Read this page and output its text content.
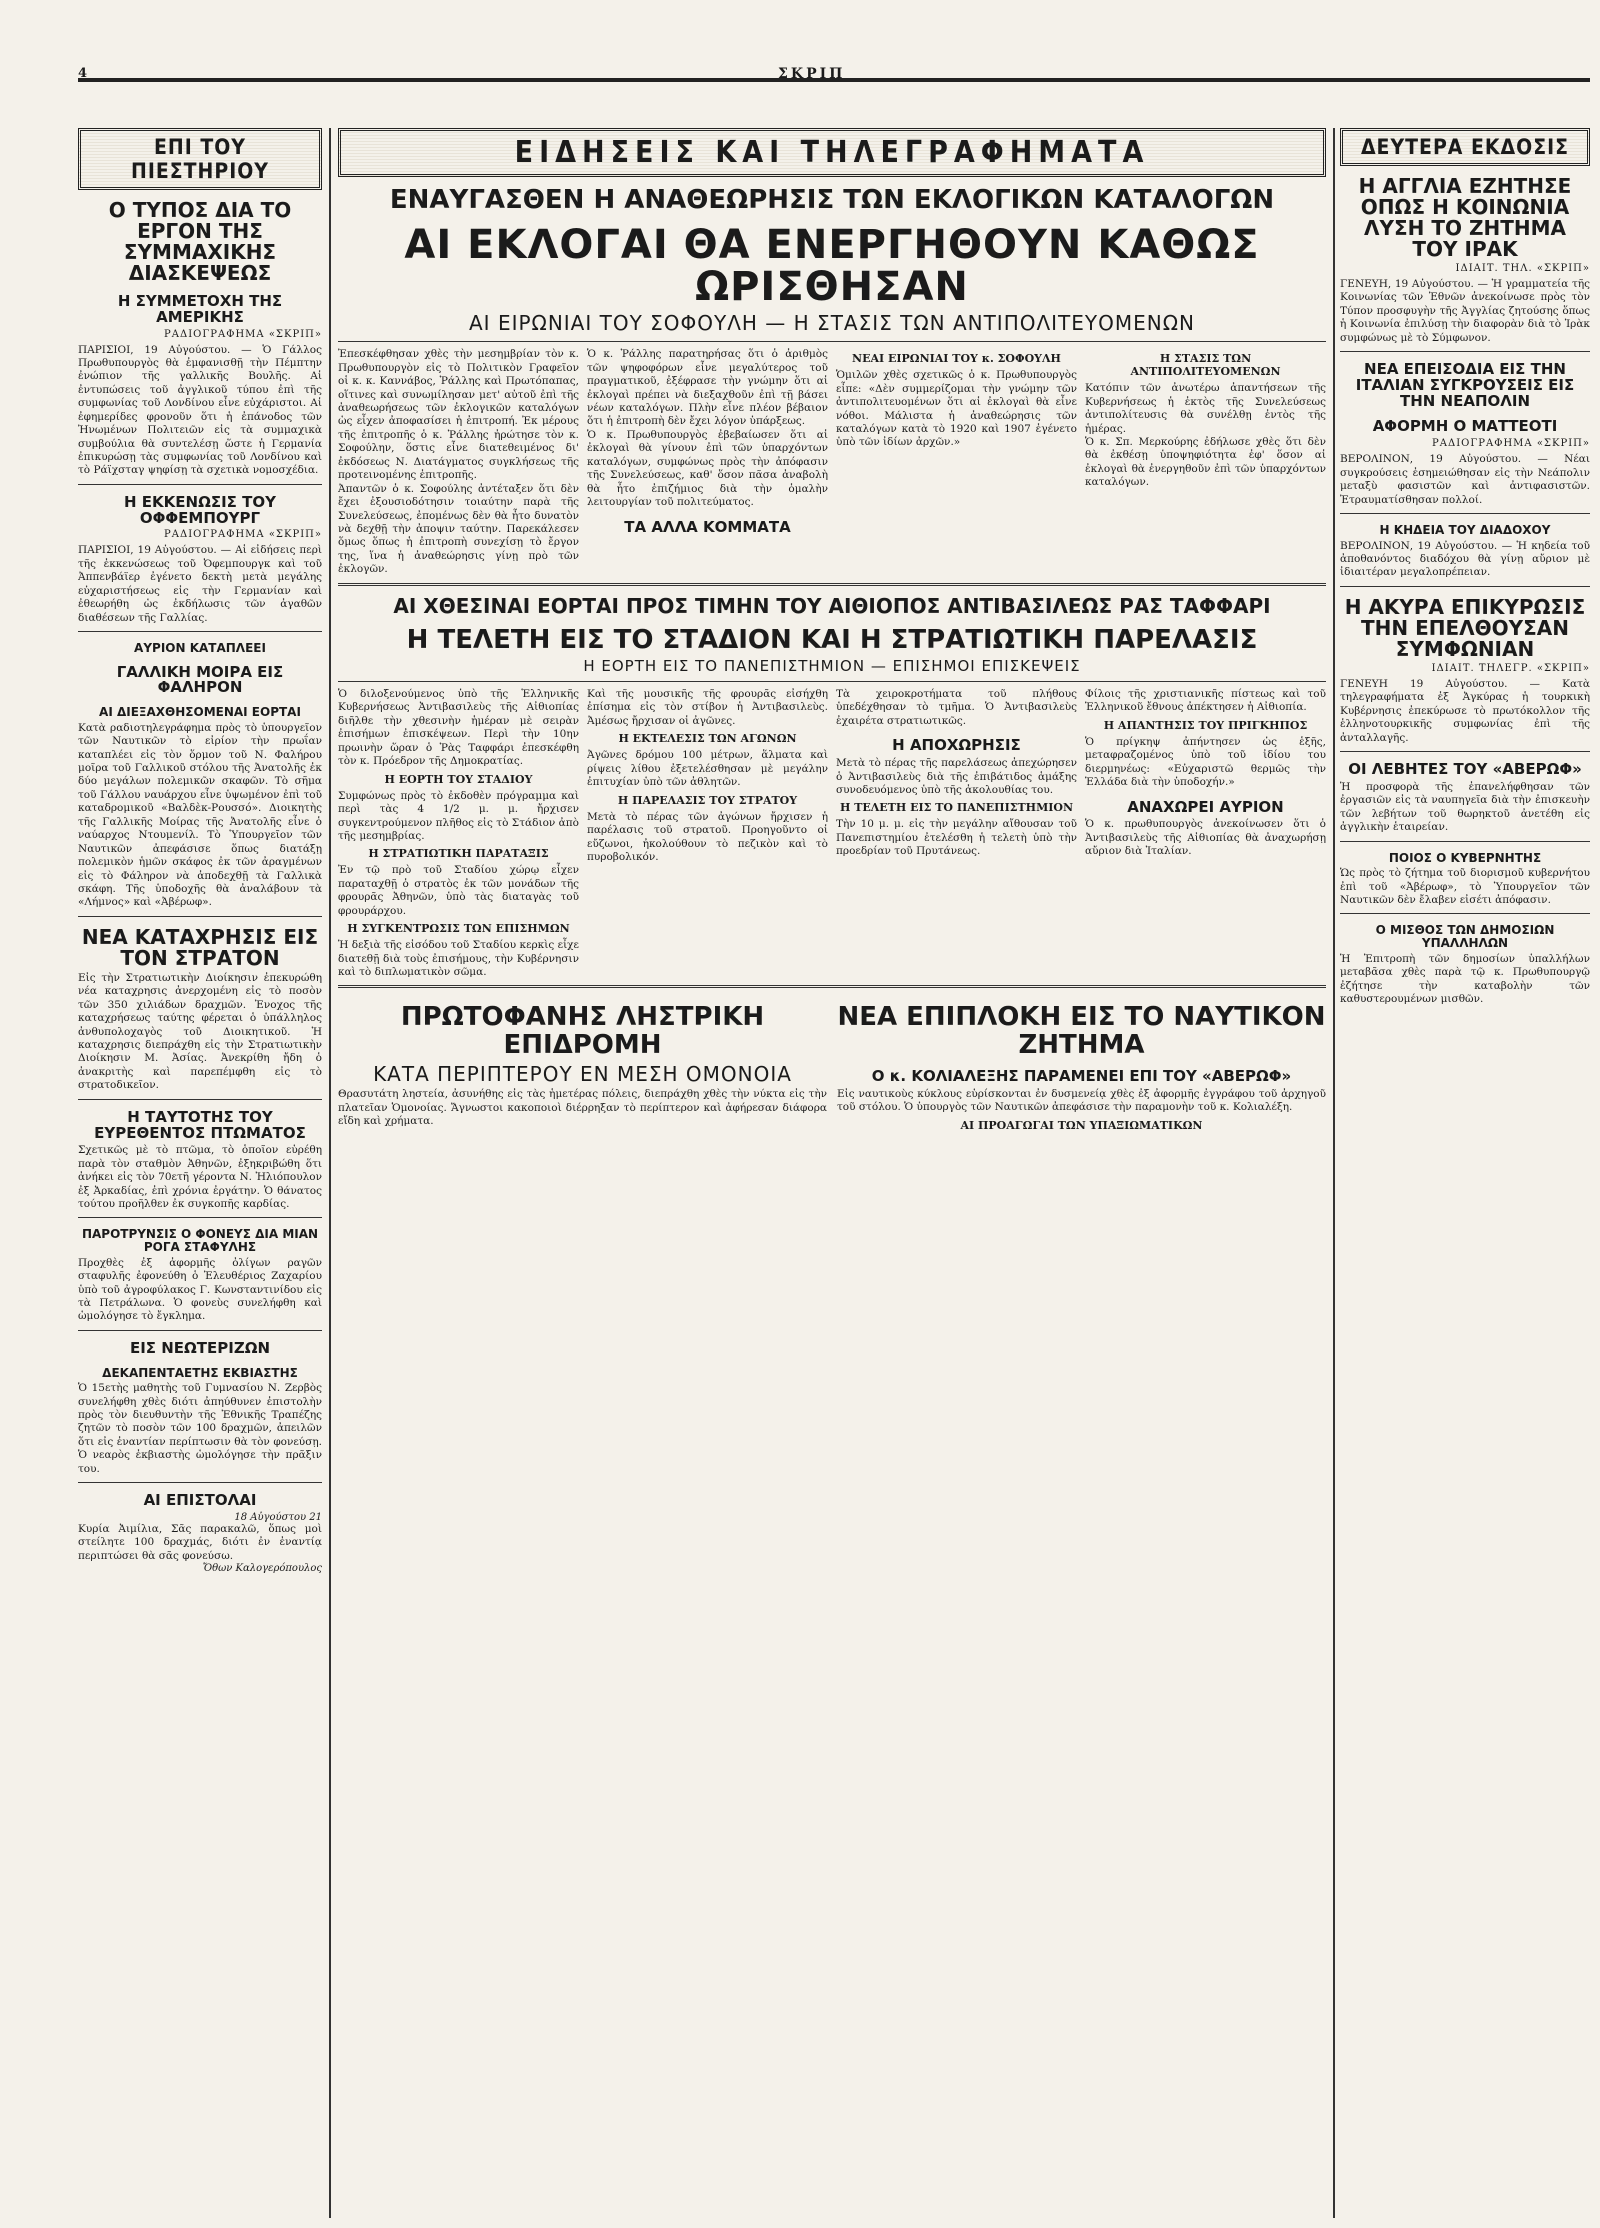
4	ΣΚΡΙΠ
ΕΠΙ ΤΟΥ ΠΙΕΣΤΗΡΙΟΥ
Ο ΤΥΠΟΣ ΔΙΑ ΤΟ ΕΡΓΟΝ ΤΗΣ ΣΥΜΜΑΧΙΚΗΣ ΔΙΑΣΚΕΨΕΩΣ
Η ΣΥΜΜΕΤΟΧΗ ΤΗΣ ΑΜΕΡΙΚΗΣ
ΡΑΔΙΟΓΡΑΦΗΜΑ «ΣΚΡΙΠ»

ΠΑΡΙΣΙΟΙ, 19 Αὐγούστου. — Ὁ Γάλλος Πρωθυπουργὸς θὰ ἐμφανισθῇ τὴν Πέμπτην ἐνώπιον τῆς γαλλικῆς Βουλῆς. Αἱ ἐντυπώσεις τοῦ ἀγγλικοῦ τύπου ἐπὶ τῆς συμφωνίας τοῦ Λονδίνου εἶνε εὐχάριστοι. Αἱ ἐφημερίδες φρονοῦν ὅτι ἡ ἐπάνοδος τῶν Ἠνωμένων Πολιτειῶν εἰς τὰ συμμαχικὰ συμβούλια θὰ συντελέσῃ ὥστε ἡ Γερμανία ἐπικυρώσῃ τὰς συμφωνίας τοῦ Λονδίνου καὶ τὸ Ράϊχσταγ ψηφίσῃ τὰ σχετικὰ νομοσχέδια.

Η ΕΚΚΕΝΩΣΙΣ ΤΟΥ ΟΦΦΕΜΠΟΥΡΓ
ΡΑΔΙΟΓΡΑΦΗΜΑ «ΣΚΡΙΠ»

ΠΑΡΙΣΙΟΙ, 19 Αὐγούστου. — Αἱ εἰδήσεις περὶ τῆς ἐκκενώσεως τοῦ Ὀφεμπουργκ καὶ τοῦ Ἀππενβάϊερ ἐγένετο δεκτὴ μετὰ μεγάλης εὐχαριστήσεως εἰς τὴν Γερμανίαν καὶ ἐθεωρήθη ὡς ἐκδήλωσις τῶν ἀγαθῶν διαθέσεων τῆς Γαλλίας.

ΑΥΡΙΟΝ ΚΑΤΑΠΛΕΕΙ
ΓΑΛΛΙΚΗ ΜΟΙΡΑ ΕΙΣ ΦΑΛΗΡΟΝ
ΑΙ ΔΙΕΞΑΧΘΗΣΟΜΕΝΑΙ ΕΟΡΤΑΙ

Κατὰ ραδιοτηλεγράφημα πρὸς τὸ ὑπουργεῖον τῶν Ναυτικῶν τὸ εἰρίον τὴν πρωΐαν καταπλέει εἰς τὸν ὅρμον τοῦ Ν. Φαλήρου μοῖρα τοῦ Γαλλικοῦ στόλου τῆς Ἀνατολῆς ἐκ δύο μεγάλων πολεμικῶν σκαφῶν. Τὸ σῆμα τοῦ Γάλλου ναυάρχου εἶνε ὑψωμένον ἐπὶ τοῦ καταδρομικοῦ «Βαλδὲκ-Ρουσσό». Διοικητὴς τῆς Γαλλικῆς Μοίρας τῆς Ἀνατολῆς εἶνε ὁ ναύαρχος Ντουμενίλ. Τὸ Ὑπουργεῖον τῶν Ναυτικῶν ἀπεφάσισε ὅπως διατάξῃ πολεμικὸν ἡμῶν σκάφος ἐκ τῶν ἀραγμένων εἰς τὸ Φάληρον νὰ ἀποδεχθῇ τὰ Γαλλικὰ σκάφη. Τῆς ὑποδοχῆς θὰ ἀναλάβουν τὰ «Λήμνος» καὶ «Ἀβέρωφ».

ΝΕΑ ΚΑΤΑΧΡΗΣΙΣ ΕΙΣ ΤΟΝ ΣΤΡΑΤΟΝ

Εἰς τὴν Στρατιωτικὴν Διοίκησιν ἐπεκυρώθη νέα καταχρησις ἀνερχομένη εἰς τὸ ποσὸν τῶν 350 χιλιάδων δραχμῶν. Ἐνοχος τῆς καταχρήσεως ταύτης φέρεται ὁ ὑπάλληλος ἀνθυπολοχαγὸς τοῦ Διοικητικοῦ. Ἡ καταχρησις διεπράχθη εἰς τὴν Στρατιωτικὴν Διοίκησιν Μ. Ἀσίας. Ἀνεκρίθη ἤδη ὁ ἀνακριτὴς καὶ παρεπέμφθη εἰς τὸ στρατοδικεῖον.

Η ΤΑΥΤΟΤΗΣ ΤΟΥ ΕΥΡΕΘΕΝΤΟΣ ΠΤΩΜΑΤΟΣ

Σχετικῶς μὲ τὸ πτῶμα, τὸ ὁποῖον εὑρέθη παρὰ τὸν σταθμὸν Ἀθηνῶν, ἐξηκριβώθη ὅτι ἀνήκει εἰς τὸν 70ετῆ γέροντα Ν. Ἠλιόπουλον ἐξ Ἀρκαδίας, ἐπὶ χρόνια ἐργάτην. Ὁ θάνατος τούτου προῆλθεν ἐκ συγκοπῆς καρδίας.

ΠΑΡΟΤΡΥΝΣΙΣ Ο ΦΟΝΕΥΣ ΔΙΑ ΜΙΑΝ ΡΟΓΑ ΣΤΑΦΥΛΗΣ

Προχθὲς ἐξ ἀφορμῆς ὀλίγων ραγῶν σταφυλῆς ἐφονεύθη ὁ Ἐλευθέριος Ζαχαρίου ὑπὸ τοῦ ἀγροφύλακος Γ. Κωνσταντινίδου εἰς τὰ Πετράλωνα. Ὁ φονεὺς συνελήφθη καὶ ὡμολόγησε τὸ ἔγκλημα.

ΕΙΣ ΝΕΩΤΕΡΙΖΩΝ
ΔΕΚΑΠΕΝΤΑΕΤΗΣ ΕΚΒΙΑΣΤΗΣ

Ὁ 15ετὴς μαθητὴς τοῦ Γυμνασίου Ν. Ζερβὸς συνελήφθη χθὲς διότι ἀπηύθυνεν ἐπιστολὴν πρὸς τὸν διευθυντὴν τῆς Ἐθνικῆς Τραπέζης ζητῶν τὸ ποσὸν τῶν 100 δραχμῶν, ἀπειλῶν ὅτι εἰς ἐναντίαν περίπτωσιν θὰ τὸν φονεύσῃ. Ὁ νεαρὸς ἐκβιαστὴς ὡμολόγησε τὴν πρᾶξιν του.

ΑΙ ΕΠΙΣΤΟΛΑΙ
18 Αὐγούστου 21

Κυρία Ἀιμίλια, Σᾶς παρακαλῶ, ὅπως μοὶ στείλητε 100 δραχμάς, διότι ἐν ἐναντίᾳ περιπτώσει θὰ σᾶς φονεύσω.

Ὄθων Καλογερόπουλος
ΕΙΔΗΣΕΙΣ ΚΑΙ ΤΗΛΕΓΡΑΦΗΜΑΤΑ
ΕΝΑΥΓΑΣΘΕΝ Η ΑΝΑΘΕΩΡΗΣΙΣ ΤΩΝ ΕΚΛΟΓΙΚΩΝ ΚΑΤΑΛΟΓΩΝ
ΑΙ ΕΚΛΟΓΑΙ ΘΑ ΕΝΕΡΓΗΘΟΥΝ ΚΑΘΩΣ ΩΡΙΣΘΗΣΑΝ
ΑΙ ΕΙΡΩΝΙΑΙ ΤΟΥ ΣΟΦΟΥΛΗ — Η ΣΤΑΣΙΣ ΤΩΝ ΑΝΤΙΠΟΛΙΤΕΥΟΜΕΝΩΝ

Ἐπεσκέφθησαν χθὲς τὴν μεσημβρίαν τὸν κ. Πρωθυπουργὸν εἰς τὸ Πολιτικὸν Γραφεῖον οἱ κ. κ. Καννάβος, Ῥάλλης καὶ Πρωτόπαπας, οἵτινες καὶ συνωμίλησαν μετ' αὐτοῦ ἐπὶ τῆς ἀναθεωρήσεως τῶν ἐκλογικῶν καταλόγων ὡς εἶχεν ἀποφασίσει ἡ ἐπιτροπή. Ἐκ μέρους τῆς ἐπιτροπῆς ὁ κ. Ῥάλλης ἠρώτησε τὸν κ. Σοφούλην, ὅστις εἶνε διατεθειμένος δι' ἐκδόσεως Ν. Διατάγματος συγκλήσεως τῆς προτεινομένης ἐπιτροπῆς.

Ἀπαντῶν ὁ κ. Σοφούλης ἀντέταξεν ὅτι δὲν ἔχει ἐξουσιοδότησιν τοιαύτην παρὰ τῆς Συνελεύσεως, ἐπομένως δὲν θὰ ἦτο δυνατὸν νὰ δεχθῇ τὴν ἀποψιν ταύτην. Παρεκάλεσεν ὅμως ὅπως ἡ ἐπιτροπὴ συνεχίσῃ τὸ ἔργον της, ἵνα ἡ ἀναθεώρησις γίνῃ πρὸ τῶν ἐκλογῶν.

Ὁ κ. Ῥάλλης παρατηρήσας ὅτι ὁ ἀριθμὸς τῶν ψηφοφόρων εἶνε μεγαλύτερος τοῦ πραγματικοῦ, ἐξέφρασε τὴν γνώμην ὅτι αἱ ἐκλογαὶ πρέπει νὰ διεξαχθοῦν ἐπὶ τῇ βάσει νέων καταλόγων. Πλὴν εἶνε πλέον βέβαιον ὅτι ἡ ἐπιτροπὴ δὲν ἔχει λόγον ὑπάρξεως.

Ὁ κ. Πρωθυπουργὸς ἐβεβαίωσεν ὅτι αἱ ἐκλογαὶ θὰ γίνουν ἐπὶ τῶν ὑπαρχόντων καταλόγων, συμφώνως πρὸς τὴν ἀπόφασιν τῆς Συνελεύσεως, καθ' ὅσον πᾶσα ἀναβολὴ θὰ ἦτο ἐπιζήμιος διὰ τὴν ὁμαλὴν λειτουργίαν τοῦ πολιτεύματος.

ΤΑ ΑΛΛΑ ΚΟΜΜΑΤΑ
ΝΕΑΙ ΕΙΡΩΝΙΑΙ ΤΟΥ κ. ΣΟΦΟΥΛΗ

Ὁμιλῶν χθὲς σχετικῶς ὁ κ. Πρωθυπουργὸς εἶπε: «Δὲν συμμερίζομαι τὴν γνώμην τῶν ἀντιπολιτευομένων ὅτι αἱ ἐκλογαὶ θὰ εἶνε νόθοι. Μάλιστα ἡ ἀναθεώρησις τῶν καταλόγων κατὰ τὸ 1920 καὶ 1907 ἐγένετο ὑπὸ τῶν ἰδίων ἀρχῶν.»

Η ΣΤΑΣΙΣ ΤΩΝ ΑΝΤΙΠΟΛΙΤΕΥΟΜΕΝΩΝ

Κατόπιν τῶν ἀνωτέρω ἀπαντήσεων τῆς Κυβερνήσεως ἡ ἐκτὸς τῆς Συνελεύσεως ἀντιπολίτευσις θὰ συνέλθῃ ἐντὸς τῆς ἡμέρας.

Ὁ κ. Σπ. Μερκούρης ἐδήλωσε χθὲς ὅτι δὲν θὰ ἐκθέσῃ ὑποψηφιότητα ἐφ' ὅσον αἱ ἐκλογαὶ θὰ ἐνεργηθοῦν ἐπὶ τῶν ὑπαρχόντων καταλόγων.

ΑΙ ΧΘΕΣΙΝΑΙ ΕΟΡΤΑΙ ΠΡΟΣ ΤΙΜΗΝ ΤΟΥ ΑΙΘΙΟΠΟΣ ΑΝΤΙΒΑΣΙΛΕΩΣ ΡΑΣ ΤΑΦΦΑΡΙ
Η ΤΕΛΕΤΗ ΕΙΣ ΤΟ ΣΤΑΔΙΟΝ ΚΑΙ Η ΣΤΡΑΤΙΩΤΙΚΗ ΠΑΡΕΛΑΣΙΣ
Η ΕΟΡΤΗ ΕΙΣ ΤΟ ΠΑΝΕΠΙΣΤΗΜΙΟΝ — ΕΠΙΣΗΜΟΙ ΕΠΙΣΚΕΨΕΙΣ

Ὁ διλοξενούμενος ὑπὸ τῆς Ἑλληνικῆς Κυβερνήσεως Ἀντιβασιλεὺς τῆς Αἰθιοπίας διῆλθε τὴν χθεσινὴν ἡμέραν μὲ σειρὰν ἐπισήμων ἐπισκέψεων. Περὶ τὴν 10ην πρωινὴν ὥραν ὁ Ῥὰς Ταφφάρι ἐπεσκέφθη τὸν κ. Πρόεδρον τῆς Δημοκρατίας.

Η ΕΟΡΤΗ ΤΟΥ ΣΤΑΔΙΟΥ

Συμφώνως πρὸς τὸ ἐκδοθὲν πρόγραμμα καὶ περὶ τὰς 4 1/2 μ. μ. ἤρχισεν συγκεντρούμενον πλῆθος εἰς τὸ Στάδιον ἀπὸ τῆς μεσημβρίας.

Η ΣΤΡΑΤΙΩΤΙΚΗ ΠΑΡΑΤΑΞΙΣ

Ἐν τῷ πρὸ τοῦ Σταδίου χώρῳ εἶχεν παραταχθῇ ὁ στρατὸς ἐκ τῶν μονάδων τῆς φρουρᾶς Ἀθηνῶν, ὑπὸ τὰς διαταγὰς τοῦ φρουράρχου.

Η ΣΥΓΚΕΝΤΡΩΣΙΣ ΤΩΝ ΕΠΙΣΗΜΩΝ

Ἡ δεξιὰ τῆς εἰσόδου τοῦ Σταδίου κερκὶς εἶχε διατεθῇ διὰ τοὺς ἐπισήμους, τὴν Κυβέρνησιν καὶ τὸ διπλωματικὸν σῶμα.

Καὶ τῆς μουσικῆς τῆς φρουρᾶς εἰσήχθη ἐπίσημα εἰς τὸν στίβον ἡ Ἀντιβασιλεὺς. Ἀμέσως ἤρχισαν οἱ ἀγῶνες.

Η ΕΚΤΕΛΕΣΙΣ ΤΩΝ ΑΓΩΝΩΝ

Ἀγῶνες δρόμου 100 μέτρων, ἅλματα καὶ ρίψεις λίθου ἐξετελέσθησαν μὲ μεγάλην ἐπιτυχίαν ὑπὸ τῶν ἀθλητῶν.

Η ΠΑΡΕΛΑΣΙΣ ΤΟΥ ΣΤΡΑΤΟΥ

Μετὰ τὸ πέρας τῶν ἀγώνων ἤρχισεν ἡ παρέλασις τοῦ στρατοῦ. Προηγοῦντο οἱ εὔζωνοι, ἠκολούθουν τὸ πεζικὸν καὶ τὸ πυροβολικόν.

Τὰ χειροκροτήματα τοῦ πλήθους ὑπεδέχθησαν τὸ τμῆμα. Ὁ Ἀντιβασιλεὺς ἐχαιρέτα στρατιωτικῶς.

Η ΑΠΟΧΩΡΗΣΙΣ

Μετὰ τὸ πέρας τῆς παρελάσεως ἀπεχώρησεν ὁ Ἀντιβασιλεὺς διὰ τῆς ἐπιβάτιδος ἁμάξης συνοδευόμενος ὑπὸ τῆς ἀκολουθίας του.

Η ΤΕΛΕΤΗ ΕΙΣ ΤΟ ΠΑΝΕΠΙΣΤΗΜΙΟΝ

Τὴν 10 μ. μ. εἰς τὴν μεγάλην αἴθουσαν τοῦ Πανεπιστημίου ἐτελέσθη ἡ τελετὴ ὑπὸ τὴν προεδρίαν τοῦ Πρυτάνεως.

Φίλοις τῆς χριστιανικῆς πίστεως καὶ τοῦ Ἑλληνικοῦ ἔθνους ἀπέκτησεν ἡ Αἰθιοπία.

Η ΑΠΑΝΤΗΣΙΣ ΤΟΥ ΠΡΙΓΚΗΠΟΣ

Ὁ πρίγκηψ ἀπήντησεν ὡς ἑξῆς, μεταφραζομένος ὑπὸ τοῦ ἰδίου του διερμηνέως: «Εὐχαριστῶ θερμῶς τὴν Ἑλλάδα διὰ τὴν ὑποδοχήν.»

ΑΝΑΧΩΡΕΙ ΑΥΡΙΟΝ

Ὁ κ. πρωθυπουργὸς ἀνεκοίνωσεν ὅτι ὁ Ἀντιβασιλεὺς τῆς Αἰθιοπίας θὰ ἀναχωρήσῃ αὔριον διὰ Ἰταλίαν.

ΠΡΩΤΟΦΑΝΗΣ ΛΗΣΤΡΙΚΗ ΕΠΙΔΡΟΜΗ
ΚΑΤΑ ΠΕΡΙΠΤΕΡΟΥ ΕΝ ΜΕΣΗ ΟΜΟΝΟΙΑ

Θρασυτάτη ληστεία, ἀσυνήθης εἰς τὰς ἡμετέρας πόλεις, διεπράχθη χθὲς τὴν νύκτα εἰς τὴν πλατεῖαν Ὁμονοίας. Ἄγνωστοι κακοποιοὶ διέρρηξαν τὸ περίπτερον καὶ ἀφήρεσαν διάφορα εἴδη καὶ χρήματα.

ΝΕΑ ΕΠΙΠΛΟΚΗ ΕΙΣ ΤΟ ΝΑΥΤΙΚΟΝ ΖΗΤΗΜΑ
Ο κ. ΚΟΛΙΑΛΕΞΗΣ ΠΑΡΑΜΕΝΕΙ ΕΠΙ ΤΟΥ «ΑΒΕΡΩΦ»

Εἰς ναυτικοὺς κύκλους εὑρίσκονται ἐν δυσμενείᾳ χθὲς ἐξ ἀφορμῆς ἐγγράφου τοῦ ἀρχηγοῦ τοῦ στόλου. Ὁ ὑπουργὸς τῶν Ναυτικῶν ἀπεφάσισε τὴν παραμονὴν τοῦ κ. Κολιαλέξη.

ΑΙ ΠΡΟΑΓΩΓΑΙ ΤΩΝ ΥΠΑΞΙΩΜΑΤΙΚΩΝ
ΔΕΥΤΕΡΑ ΕΚΔΟΣΙΣ
Η ΑΓΓΛΙΑ ΕΖΗΤΗΣΕ ΟΠΩΣ Η ΚΟΙΝΩΝΙΑ ΛΥΣΗ ΤΟ ΖΗΤΗΜΑ ΤΟΥ ΙΡΑΚ
ΙΔΙΑΙΤ. ΤΗΛ. «ΣΚΡΙΠ»

ΓΕΝΕΥΗ, 19 Αὐγούστου. — Ἡ γραμματεία τῆς Κοινωνίας τῶν Ἐθνῶν ἀνεκοίνωσε πρὸς τὸν Τύπον προσφυγὴν τῆς Ἀγγλίας ζητούσης ὅπως ἡ Κοινωνία ἐπιλύσῃ τὴν διαφορὰν διὰ τὸ Ἰρὰκ συμφώνως μὲ τὸ Σύμφωνον.

ΝΕΑ ΕΠΕΙΣΟΔΙΑ ΕΙΣ ΤΗΝ ΙΤΑΛΙΑΝ ΣΥΓΚΡΟΥΣΕΙΣ ΕΙΣ ΤΗΝ ΝΕΑΠΟΛΙΝ
ΑΦΟΡΜΗ Ο ΜΑΤΤΕΟΤΙ
ΡΑΔΙΟΓΡΑΦΗΜΑ «ΣΚΡΙΠ»

ΒΕΡΟΛΙΝΟΝ, 19 Αὐγούστου. — Νέαι συγκρούσεις ἐσημειώθησαν εἰς τὴν Νεάπολιν μεταξὺ φασιστῶν καὶ ἀντιφασιστῶν. Ἐτραυματίσθησαν πολλοί.

Η ΚΗΔΕΙΑ ΤΟΥ ΔΙΑΔΟΧΟΥ

ΒΕΡΟΛΙΝΟΝ, 19 Αὐγούστου. — Ἡ κηδεία τοῦ ἀποθανόντος διαδόχου θὰ γίνῃ αὔριον μὲ ἰδιαιτέραν μεγαλοπρέπειαν.

Η ΑΚΥΡΑ ΕΠΙΚΥΡΩΣΙΣ ΤΗΝ ΕΠΕΛΘΟΥΣΑΝ ΣΥΜΦΩΝΙΑΝ
ΙΔΙΑΙΤ. ΤΗΛΕΓΡ. «ΣΚΡΙΠ»

ΓΕΝΕΥΗ 19 Αὐγούστου. — Κατὰ τηλεγραφήματα ἐξ Ἀγκύρας ἡ τουρκικὴ Κυβέρνησις ἐπεκύρωσε τὸ πρωτόκολλον τῆς ἑλληνοτουρκικῆς συμφωνίας ἐπὶ τῆς ἀνταλλαγῆς.

ΟΙ ΛΕΒΗΤΕΣ ΤΟΥ «ΑΒΕΡΩΦ»

Ἡ προσφορὰ τῆς ἐπανελήφθησαν τῶν ἐργασιῶν εἰς τὰ ναυπηγεῖα διὰ τὴν ἐπισκευὴν τῶν λεβήτων τοῦ θωρηκτοῦ ἀνετέθη εἰς ἀγγλικὴν ἑταιρείαν.

ΠΟΙΟΣ Ο ΚΥΒΕΡΝΗΤΗΣ

Ὡς πρὸς τὸ ζήτημα τοῦ διορισμοῦ κυβερνήτου ἐπὶ τοῦ «Ἀβέρωφ», τὸ Ὑπουργεῖον τῶν Ναυτικῶν δὲν ἔλαβεν εἰσέτι ἀπόφασιν.

Ο ΜΙΣΘΟΣ ΤΩΝ ΔΗΜΟΣΙΩΝ ΥΠΑΛΛΗΛΩΝ

Ἡ Ἐπιτροπὴ τῶν δημοσίων ὑπαλλήλων μεταβᾶσα χθὲς παρὰ τῷ κ. Πρωθυπουργῷ ἐζήτησε τὴν καταβολὴν τῶν καθυστερουμένων μισθῶν.
